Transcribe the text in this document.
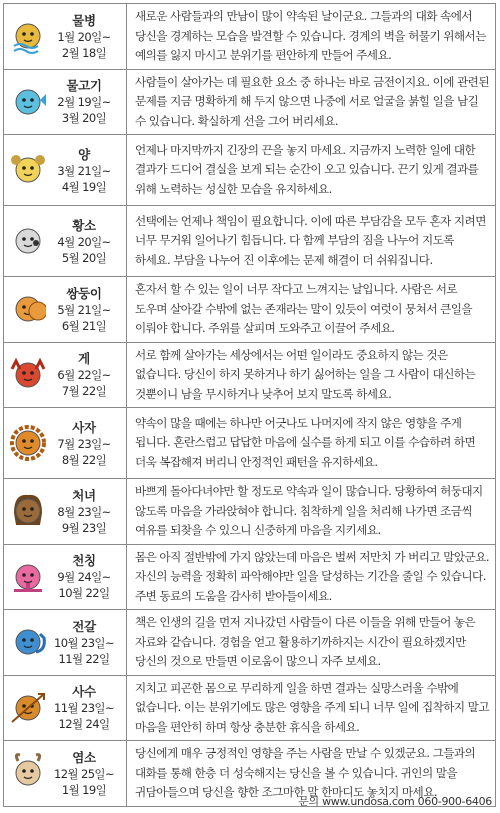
물병
1월 20일~
2월 18일	새로운 사람들과의 만남이 많이 약속된 날이군요. 그들과의 대화 속에서 당신을 경계하는 모습을 발견할 수 있습니다. 경계의 벽을 허물기 위해서는 예의를 잃지 마시고 분위기를 편안하게 만들어 주세요.

물고기
2월 19일~
3월 20일	사람들이 살아가는 데 필요한 요소 중 하나는 바로 금전이지요. 이에 관련된 문제를 지금 명확하게 해 두지 않으면 나중에 서로 얼굴을 붉힐 일을 남길 수 있습니다. 확실하게 선을 그어 버리세요.

양
3월 21일~
4월 19일	언제나 마지막까지 긴장의 끈을 놓지 마세요. 지금까지 노력한 일에 대한 결과가 드디어 결실을 보게 되는 순간이 오고 있습니다. 끈기 있게 결과를 위해 노력하는 성실한 모습을 유지하세요.

황소
4월 20일~
5월 20일	선택에는 언제나 책임이 필요합니다. 이에 따른 부담감을 모두 혼자 지려면 너무 무거워 일어나기 힘듭니다. 다 함께 부담의 짐을 나누어 지도록 하세요. 부담을 나누어 진 이후에는 문제 해결이 더 쉬워집니다.

쌍둥이
5월 21일~
6월 21일	혼자서 할 수 있는 일이 너무 작다고 느껴지는 날입니다. 사람은 서로 도우며 살아갈 수밖에 없는 존재라는 말이 있듯이 여럿이 뭉쳐서 큰일을 이뤄야 합니다. 주위를 살피며 도와주고 이끌어 주세요.

게
6월 22일~
7월 22일	서로 함께 살아가는 세상에서는 어떤 일이라도 중요하지 않는 것은 없습니다. 당신이 하지 못하거나 하기 싫어하는 일을 그 사람이 대신하는 것뿐이니 남을 무시하거나 낮추어 보지 말도록 하세요.

사자
7월 23일~
8월 22일	약속이 많을 때에는 하나만 어긋나도 나머지에 작지 않은 영향을 주게 됩니다. 혼란스럽고 답답한 마음에 실수를 하게 되고 이를 수습하려 하면 더욱 복잡해져 버리니 안정적인 패턴을 유지하세요.

처녀
8월 23일~
9월 23일	바쁘게 돌아다녀야만 할 정도로 약속과 일이 많습니다. 당황하여 허둥대지 않도록 마음을 가라앉혀야 합니다. 침착하게 일을 처리해 나가면 조금씩 여유를 되찾을 수 있으니 신중하게 마음을 지키세요.

천칭
9월 24일~
10월 22일	몸은 아직 절반밖에 가지 않았는데 마음은 벌써 저만치 가 버리고 말았군요. 자신의 능력을 정확히 파악해야만 일을 달성하는 기간을 줄일 수 있습니다. 주변 동료의 도움을 감사히 받아들이세요.

전갈
10월 23일~
11월 22일	책은 인생의 길을 먼저 지나갔던 사람들이 다른 이들을 위해 만들어 놓은 자료와 같습니다. 경험을 얻고 활용하기까하지는 시간이 필요하겠지만 당신의 것으로 만들면 이로움이 많으니 자주 보세요.

사수
11월 23일~
12월 24일	지치고 피곤한 몸으로 무리하게 일을 하면 결과는 실망스러울 수밖에 없습니다. 이는 분위기에도 많은 영향을 주게 되니 너무 일에 집착하지 말고 마음을 편안히 하며 항상 충분한 휴식을 하세요.

염소
12월 25일~
1월 19일	당신에게 매우 긍정적인 영향을 주는 사람을 만날 수 있겠군요. 그들과의 대화를 통해 한층 더 성숙해지는 당신을 볼 수 있습니다. 귀인의 말을 귀담아들으며 당신을 향한 조그마한 말 한마디도 놓치지 마세요.
문의 www.undosa.com 060-900-6406
